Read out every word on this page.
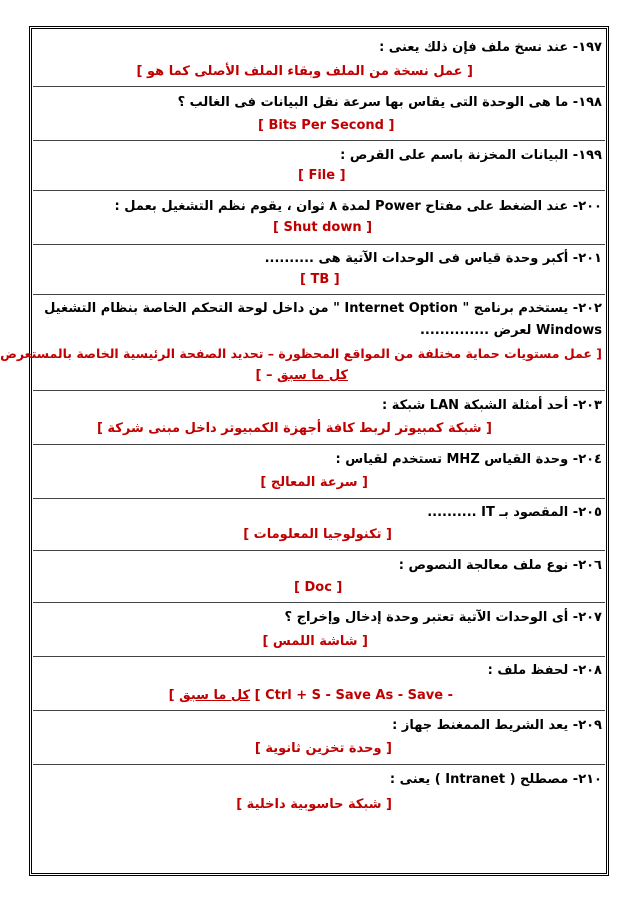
١٩٧- عند نسخ ملف فإن ذلك يعنى :
[ عمل نسخة من الملف وبقاء الملف الأصلى كما هو ]
١٩٨- ما هى الوحدة التى يقاس بها سرعة نقل البيانات فى الغالب ؟
[ Bits Per Second ]
١٩٩- البيانات المخزنة باسم على القرص :
[ File ]
٢٠٠- عند الضغط على مفتاح Power لمدة ٨ ثوان ، يقوم نظم التشغيل بعمل :
[ Shut down ]
٢٠١- أكبر وحدة قياس فى الوحدات الآتية هى ..........
[ TB ]
٢٠٢- يستخدم برنامج " Internet Option " من داخل لوحة التحكم الخاصة بنظام التشغيل
Windows لعرض ..............
[ عمل مستويات حماية مختلفة من المواقع المحظورة – تحديد الصفحة الرئيسية الخاصة بالمستعرض
كل ما سبق – ]
٢٠٣- أحد أمثلة الشبكة LAN شبكة :
[ شبكة كمبيوتر لربط كافة أجهزة الكمبيوتر داخل مبنى شركة ]
٢٠٤- وحدة القياس MHZ تستخدم لقياس :
[ سرعة المعالج ]
٢٠٥- المقصود بـ IT ..........
[ تكنولوجيا المعلومات ]
٢٠٦- نوع ملف معالجة النصوص :
[ Doc ]
٢٠٧- أى الوحدات الآتية تعتبر وحدة إدخال وإخراج ؟
[ شاشة اللمس ]
٢٠٨- لحفظ ملف :
[ Ctrl + S - Save As - Save - كل ما سبق ]
٢٠٩- يعد الشريط الممغنط جهاز :
[ وحدة تخزين ثانوية ]
٢١٠- مصطلح ( Intranet ) يعنى :
[ شبكة حاسوبية داخلية ]
